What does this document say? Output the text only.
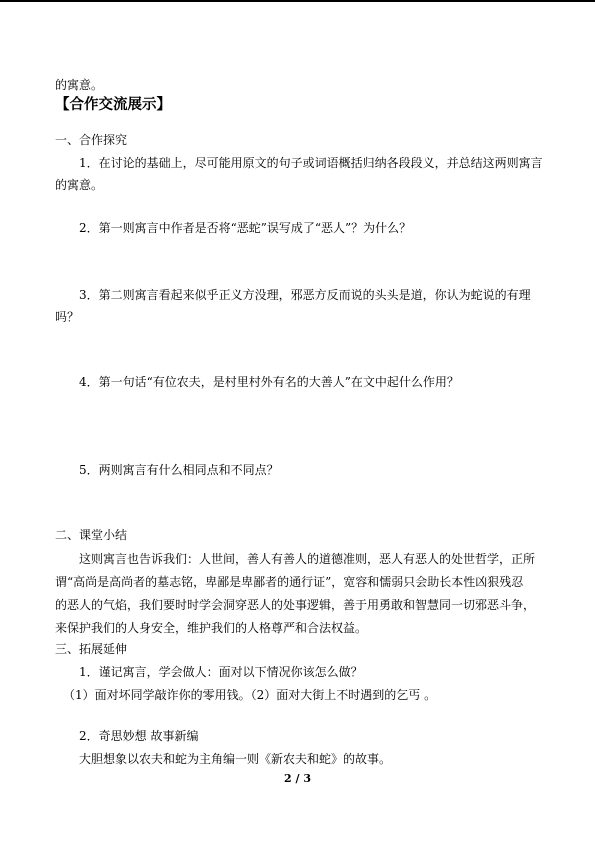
的寓意。
【合作交流展示】
一、合作探究
1．在讨论的基础上，尽可能用原文的句子或词语概括归纳各段段义，并总结这两则寓言
的寓意。
2．第一则寓言中作者是否将“恶蛇”误写成了“恶人”？为什么？
3．第二则寓言看起来似乎正义方没理，邪恶方反而说的头头是道，你认为蛇说的有理
吗？
4．第一句话“有位农夫，是村里村外有名的大善人”在文中起什么作用？
5．两则寓言有什么相同点和不同点？
二、课堂小结
这则寓言也告诉我们：人世间，善人有善人的道德准则，恶人有恶人的处世哲学，正所
谓“高尚是高尚者的墓志铭，卑鄙是卑鄙者的通行证”，宽容和懦弱只会助长本性凶狠残忍
的恶人的气焰，我们要时时学会洞穿恶人的处事逻辑，善于用勇敢和智慧同一切邪恶斗争，
来保护我们的人身安全，维护我们的人格尊严和合法权益。
三、拓展延伸
1．谨记寓言，学会做人：面对以下情况你该怎么做？
（1）面对坏同学敲诈你的零用钱。（2）面对大街上不时遇到的乞丐 。
2．奇思妙想 故事新编
大胆想象以农夫和蛇为主角编一则《新农夫和蛇》的故事。
2 / 3
